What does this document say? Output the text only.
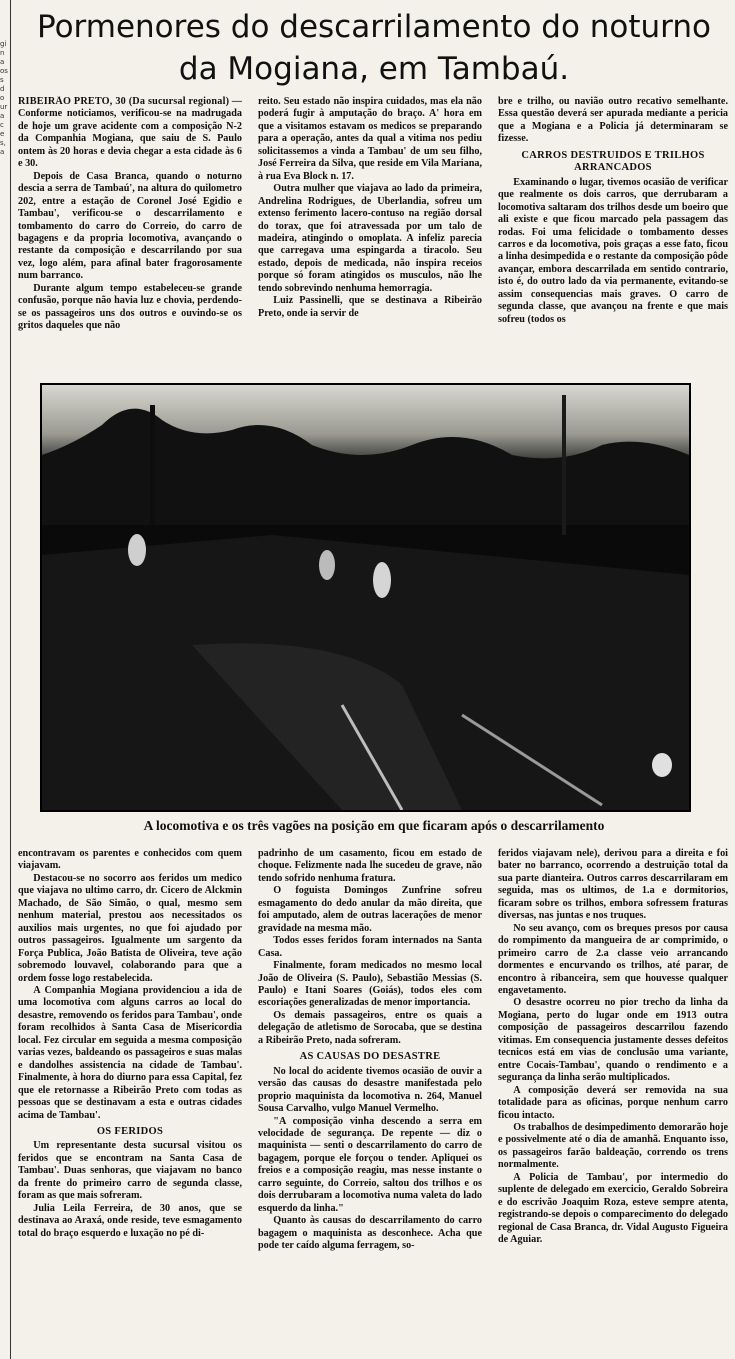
gina os s do ura ces, a
Pormenores do descarrilamento do noturno da Mogiana, em Tambaú.

RIBEIRÃO PRETO, 30 (Da sucursal regional) — Conforme noticiamos, verificou-se na madrugada de hoje um grave acidente com a composição N-2 da Companhia Mogiana, que saiu de S. Paulo ontem às 20 horas e devia chegar a esta cidade às 6 e 30.

Depois de Casa Branca, quando o noturno descia a serra de Tambaú', na altura do quilometro 202, entre a estação de Coronel José Egidio e Tambau', verificou-se o descarrilamento e tombamento do carro do Correio, do carro de bagagens e da propria locomotiva, avançando o restante da composição e descarrilando por sua vez, logo além, para afinal bater fragorosamente num barranco.

Durante algum tempo estabeleceu-se grande confusão, porque não havia luz e chovia, perdendo-se os passageiros uns dos outros e ouvindo-se os gritos daqueles que não

reito. Seu estado não inspira cuidados, mas ela não poderá fugir à amputação do braço. A' hora em que a visitamos estavam os medicos se preparando para a operação, antes da qual a vitima nos pediu solicitassemos a vinda a Tambau' de um seu filho, José Ferreira da Silva, que reside em Vila Mariana, à rua Eva Block n. 17.

Outra mulher que viajava ao lado da primeira, Andrelina Rodrigues, de Uberlandia, sofreu um extenso ferimento lacero-contuso na região dorsal do torax, que foi atravessada por um talo de madeira, atingindo o omoplata. A infeliz parecia que carregava uma espingarda a tiracolo. Seu estado, depois de medicada, não inspira receios porque só foram atingidos os musculos, não lhe tendo sobrevindo nenhuma hemorragia.

Luiz Passinelli, que se destinava a Ribeirão Preto, onde ia servir de

bre e trilho, ou navião outro recativo semelhante. Essa questão deverá ser apurada mediante a pericia que a Mogiana e a Policia já determinaram se fizesse.

CARROS DESTRUIDOS E TRILHOS ARRANCADOS

Examinando o lugar, tivemos ocasião de verificar que realmente os dois carros, que derrubaram a locomotiva saltaram dos trilhos desde um boeiro que ali existe e que ficou marcado pela passagem das rodas. Foi uma felicidade o tombamento desses carros e da locomotiva, pois graças a esse fato, ficou a linha desimpedida e o restante da composição pôde avançar, embora descarrilada em sentido contrario, isto é, do outro lado da via permanente, evitando-se assim consequencias mais graves. O carro de segunda classe, que avançou na frente e que mais sofreu (todos os

A locomotiva e os três vagões na posição em que ficaram após o descarrilamento

encontravam os parentes e conhecidos com quem viajavam.

Destacou-se no socorro aos feridos um medico que viajava no ultimo carro, dr. Cicero de Alckmin Machado, de São Simão, o qual, mesmo sem nenhum material, prestou aos necessitados os auxilios mais urgentes, no que foi ajudado por outros passageiros. Igualmente um sargento da Força Publica, João Batista de Oliveira, teve ação sobremodo louvavel, colaborando para que a ordem fosse logo restabelecida.

A Companhia Mogiana providenciou a ida de uma locomotiva com alguns carros ao local do desastre, removendo os feridos para Tambau', onde foram recolhidos à Santa Casa de Misericordia local. Fez circular em seguida a mesma composição varias vezes, baldeando os passageiros e suas malas e dandolhes assistencia na cidade de Tambau'. Finalmente, à hora do diurno para essa Capital, fez que ele retornasse a Ribeirão Preto com todas as pessoas que se destinavam a esta e outras cidades acima de Tambau'.

OS FERIDOS

Um representante desta sucursal visitou os feridos que se encontram na Santa Casa de Tambau'. Duas senhoras, que viajavam no banco da frente do primeiro carro de segunda classe, foram as que mais sofreram.

Julia Leila Ferreira, de 30 anos, que se destinava ao Araxá, onde reside, teve esmagamento total do braço esquerdo e luxação no pé di-

padrinho de um casamento, ficou em estado de choque. Felizmente nada lhe sucedeu de grave, não tendo sofrido nenhuma fratura.

O foguista Domingos Zunfrine sofreu esmagamento do dedo anular da mão direita, que foi amputado, alem de outras lacerações de menor gravidade na mesma mão.

Todos esses feridos foram internados na Santa Casa.

Finalmente, foram medicados no mesmo local João de Oliveira (S. Paulo), Sebastião Messias (S. Paulo) e Itani Soares (Goiás), todos eles com escoriações generalizadas de menor importancia.

Os demais passageiros, entre os quais a delegação de atletismo de Sorocaba, que se destina a Ribeirão Preto, nada sofreram.

AS CAUSAS DO DESASTRE

No local do acidente tivemos ocasião de ouvir a versão das causas do desastre manifestada pelo proprio maquinista da locomotiva n. 264, Manuel Sousa Carvalho, vulgo Manuel Vermelho.

"A composição vinha descendo a serra em velocidade de segurança. De repente — diz o maquinista — senti o descarrilamento do carro de bagagem, porque ele forçou o tender. Apliquei os freios e a composição reagiu, mas nesse instante o carro seguinte, do Correio, saltou dos trilhos e os dois derrubaram a locomotiva numa valeta do lado esquerdo da linha."

Quanto às causas do descarrilamento do carro bagagem o maquinista as desconhece. Acha que pode ter caído alguma ferragem, so-

feridos viajavam nele), derivou para a direita e foi bater no barranco, ocorrendo a destruição total da sua parte dianteira. Outros carros descarrilaram em seguida, mas os ultimos, de 1.a e dormitorios, ficaram sobre os trilhos, embora sofressem fraturas diversas, nas juntas e nos truques.

No seu avanço, com os breques presos por causa do rompimento da mangueira de ar comprimido, o primeiro carro de 2.a classe veio arrancando dormentes e encurvando os trilhos, até parar, de encontro à ribanceira, sem que houvesse qualquer engavetamento.

O desastre ocorreu no pior trecho da linha da Mogiana, perto do lugar onde em 1913 outra composição de passageiros descarrilou fazendo vitimas. Em consequencia justamente desses defeitos tecnicos está em vias de conclusão uma variante, entre Cocais-Tambau', quando o rendimento e a segurança da linha serão multiplicados.

A composição deverá ser removida na sua totalidade para as oficinas, porque nenhum carro ficou intacto.

Os trabalhos de desimpedimento demorarão hoje e possivelmente até o dia de amanhã. Enquanto isso, os passageiros farão baldeação, correndo os trens normalmente.

A Policia de Tambau', por intermedio do suplente de delegado em exercicio, Geraldo Sobreira e do escrivão Joaquim Roza, esteve sempre atenta, registrando-se depois o comparecimento do delegado regional de Casa Branca, dr. Vidal Augusto Figueira de Aguiar.
